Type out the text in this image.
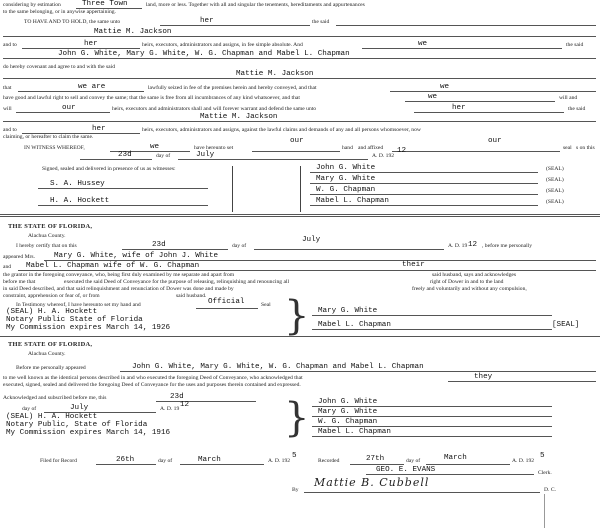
considering by estimation	Three Town	land, more or less. Together with all and singular the tenements, hereditaments and appurtenances
to the same belonging, or in anywise appertaining.
TO HAVE AND TO HOLD, the same unto	her	the said
Mattie M. Jackson
and to	her	heirs, executors, administrators and assigns, in fee simple absolute. And	we	the said
John G. White, Mary G. White, W. G. Chapman and Mabel L. Chapman
do hereby covenant and agree to and with the said
Mattie M. Jackson
that	we are	lawfully seized in fee of the premises herein and hereby conveyed, and that	we
have good and lawful right to sell and convey the same; that the same is free from all incumbrances of any kind whatsoever, and that	we	will and
will	our	heirs, executors and administrators shall and will forever warrant and defend the same unto	her	the said
Mattie M. Jackson
and to	her	heirs, executors, administrators and assigns, against the lawful claims and demands of any and all persons whomsoever, now
claiming, or hereafter to claim the same.
IN WITNESS WHEREOF,	we	have hereunto set
our
hand and affixed
our
seal s on this
23d	day of	July	A. D. 192
12
Signed, sealed and delivered in presence of us as witnesses:
S. A. Hussey
H. A. Hockett
John G. White	(SEAL)
Mary G. White	(SEAL)
W. G. Chapman	(SEAL)
Mabel L. Chapman	(SEAL)
THE STATE OF FLORIDA,
Alachua County.
I hereby certify that on this	23d	day of
July
A. D. 19 12 , before me personally
appeared Mrs.	Mary G. White, wife of John J. White
and Mabel L. Chapman wife of W. G. Chapman	their
the grantor in the foregoing conveyance, who, being first duly examined by me separate and apart from	said husband, says and acknowledges
before me that	executed the said Deed of Conveyance for the purpose of releasing, relinquishing and renouncing all	right of Dower in and to the land
in said Deed described, and that said relinquishment and renunciation of Dower was done and made by	freely and voluntarily and without any compulsion,
constraint, apprehension or fear of, or from	said husband.
In Testimony whereof, I have hereunto set my hand and	Official	Seal
(SEAL) H. A. Hockett
Notary Public State of Florida
My Commission expires March 14, 1926	} Mary G. White
Mabel L. Chapman	[SEAL]
THE STATE OF FLORIDA,
Alachua County.
Before me personally appeared	John G. White, Mary G. White, W. G. Chapman and Mabel L. Chapman
to me well known as the identical persons described in and who executed the foregoing Deed of Conveyance, who acknowledged that	they
executed, signed, sealed and delivered the foregoing Deed of Conveyance for the uses and purposes therein contained and expressed.
Acknowledged and subscribed before me, this	23d
day of	July	A. D. 19 12
(SEAL) H. A. Hockett
Notary Public, State of Florida
My Commission expires March 14, 1916	} John G. White
Mary G. White
W. G. Chapman
Mabel L. Chapman
Filed for Record	26th	day of	March	A. D. 192
5
Recorded	27th	day of	March	A. D. 192
5
GEO. E. EVANS	Clerk.
By
Mattie B. Cubbell
D. C.
